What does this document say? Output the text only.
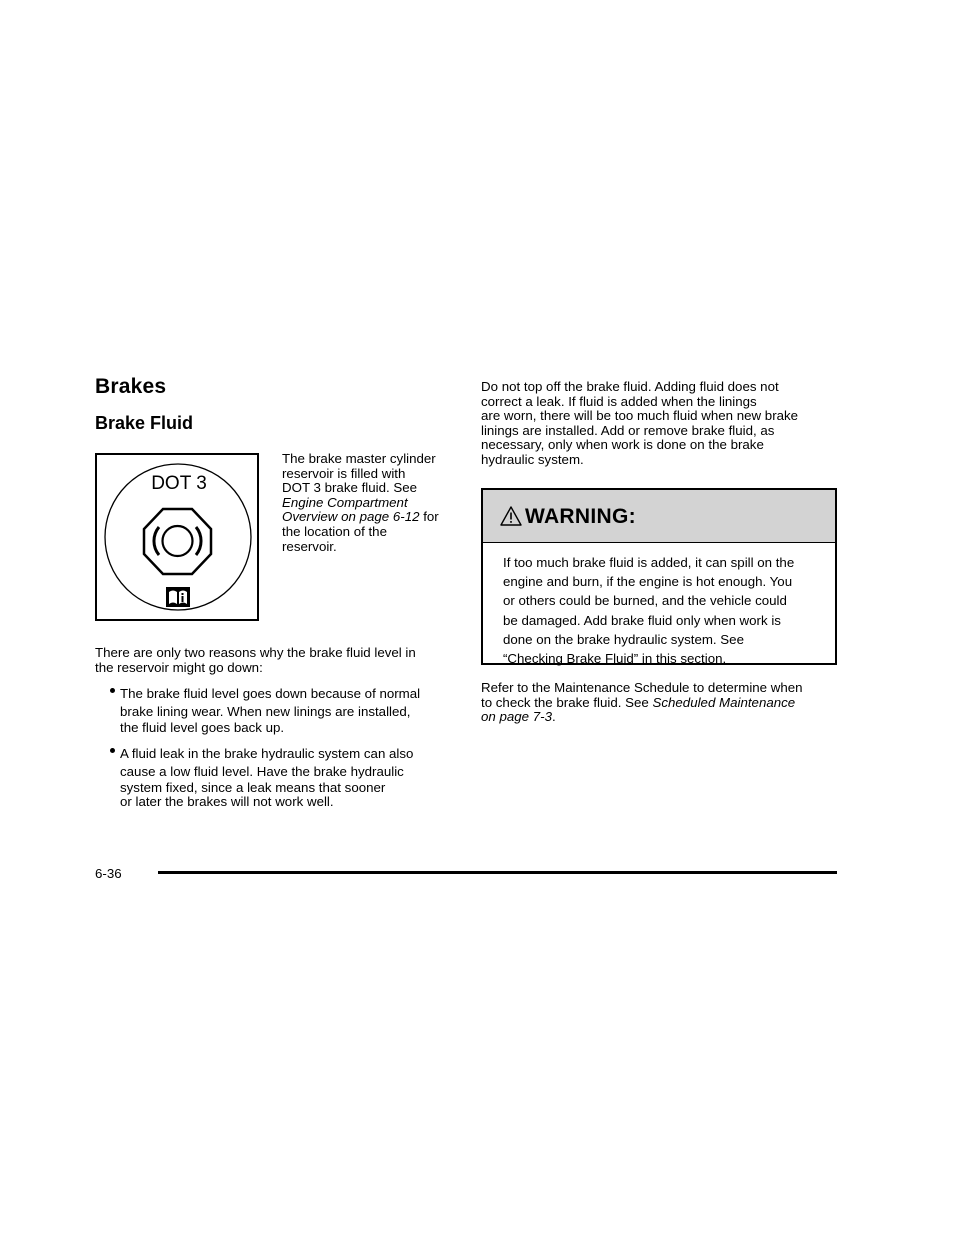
Brakes
Brake Fluid
DOT 3
The brake master cylinder
reservoir is filled with
DOT 3 brake fluid. See
Engine Compartment
Overview on page 6-12 for
the location of the
reservoir.
There are only two reasons why the brake fluid level in
the reservoir might go down:
The brake fluid level goes down because of normal
brake lining wear. When new linings are installed,
the fluid level goes back up.
A fluid leak in the brake hydraulic system can also
cause a low fluid level. Have the brake hydraulic
system fixed, since a leak means that sooner
or later the brakes will not work well.
Do not top off the brake fluid. Adding fluid does not
correct a leak. If fluid is added when the linings
are worn, there will be too much fluid when new brake
linings are installed. Add or remove brake fluid, as
necessary, only when work is done on the brake
hydraulic system.
WARNING:
If too much brake fluid is added, it can spill on the
engine and burn, if the engine is hot enough. You
or others could be burned, and the vehicle could
be damaged. Add brake fluid only when work is
done on the brake hydraulic system. See
“Checking Brake Fluid” in this section.
Refer to the Maintenance Schedule to determine when
to check the brake fluid. See Scheduled Maintenance
on page 7-3.
6-36
